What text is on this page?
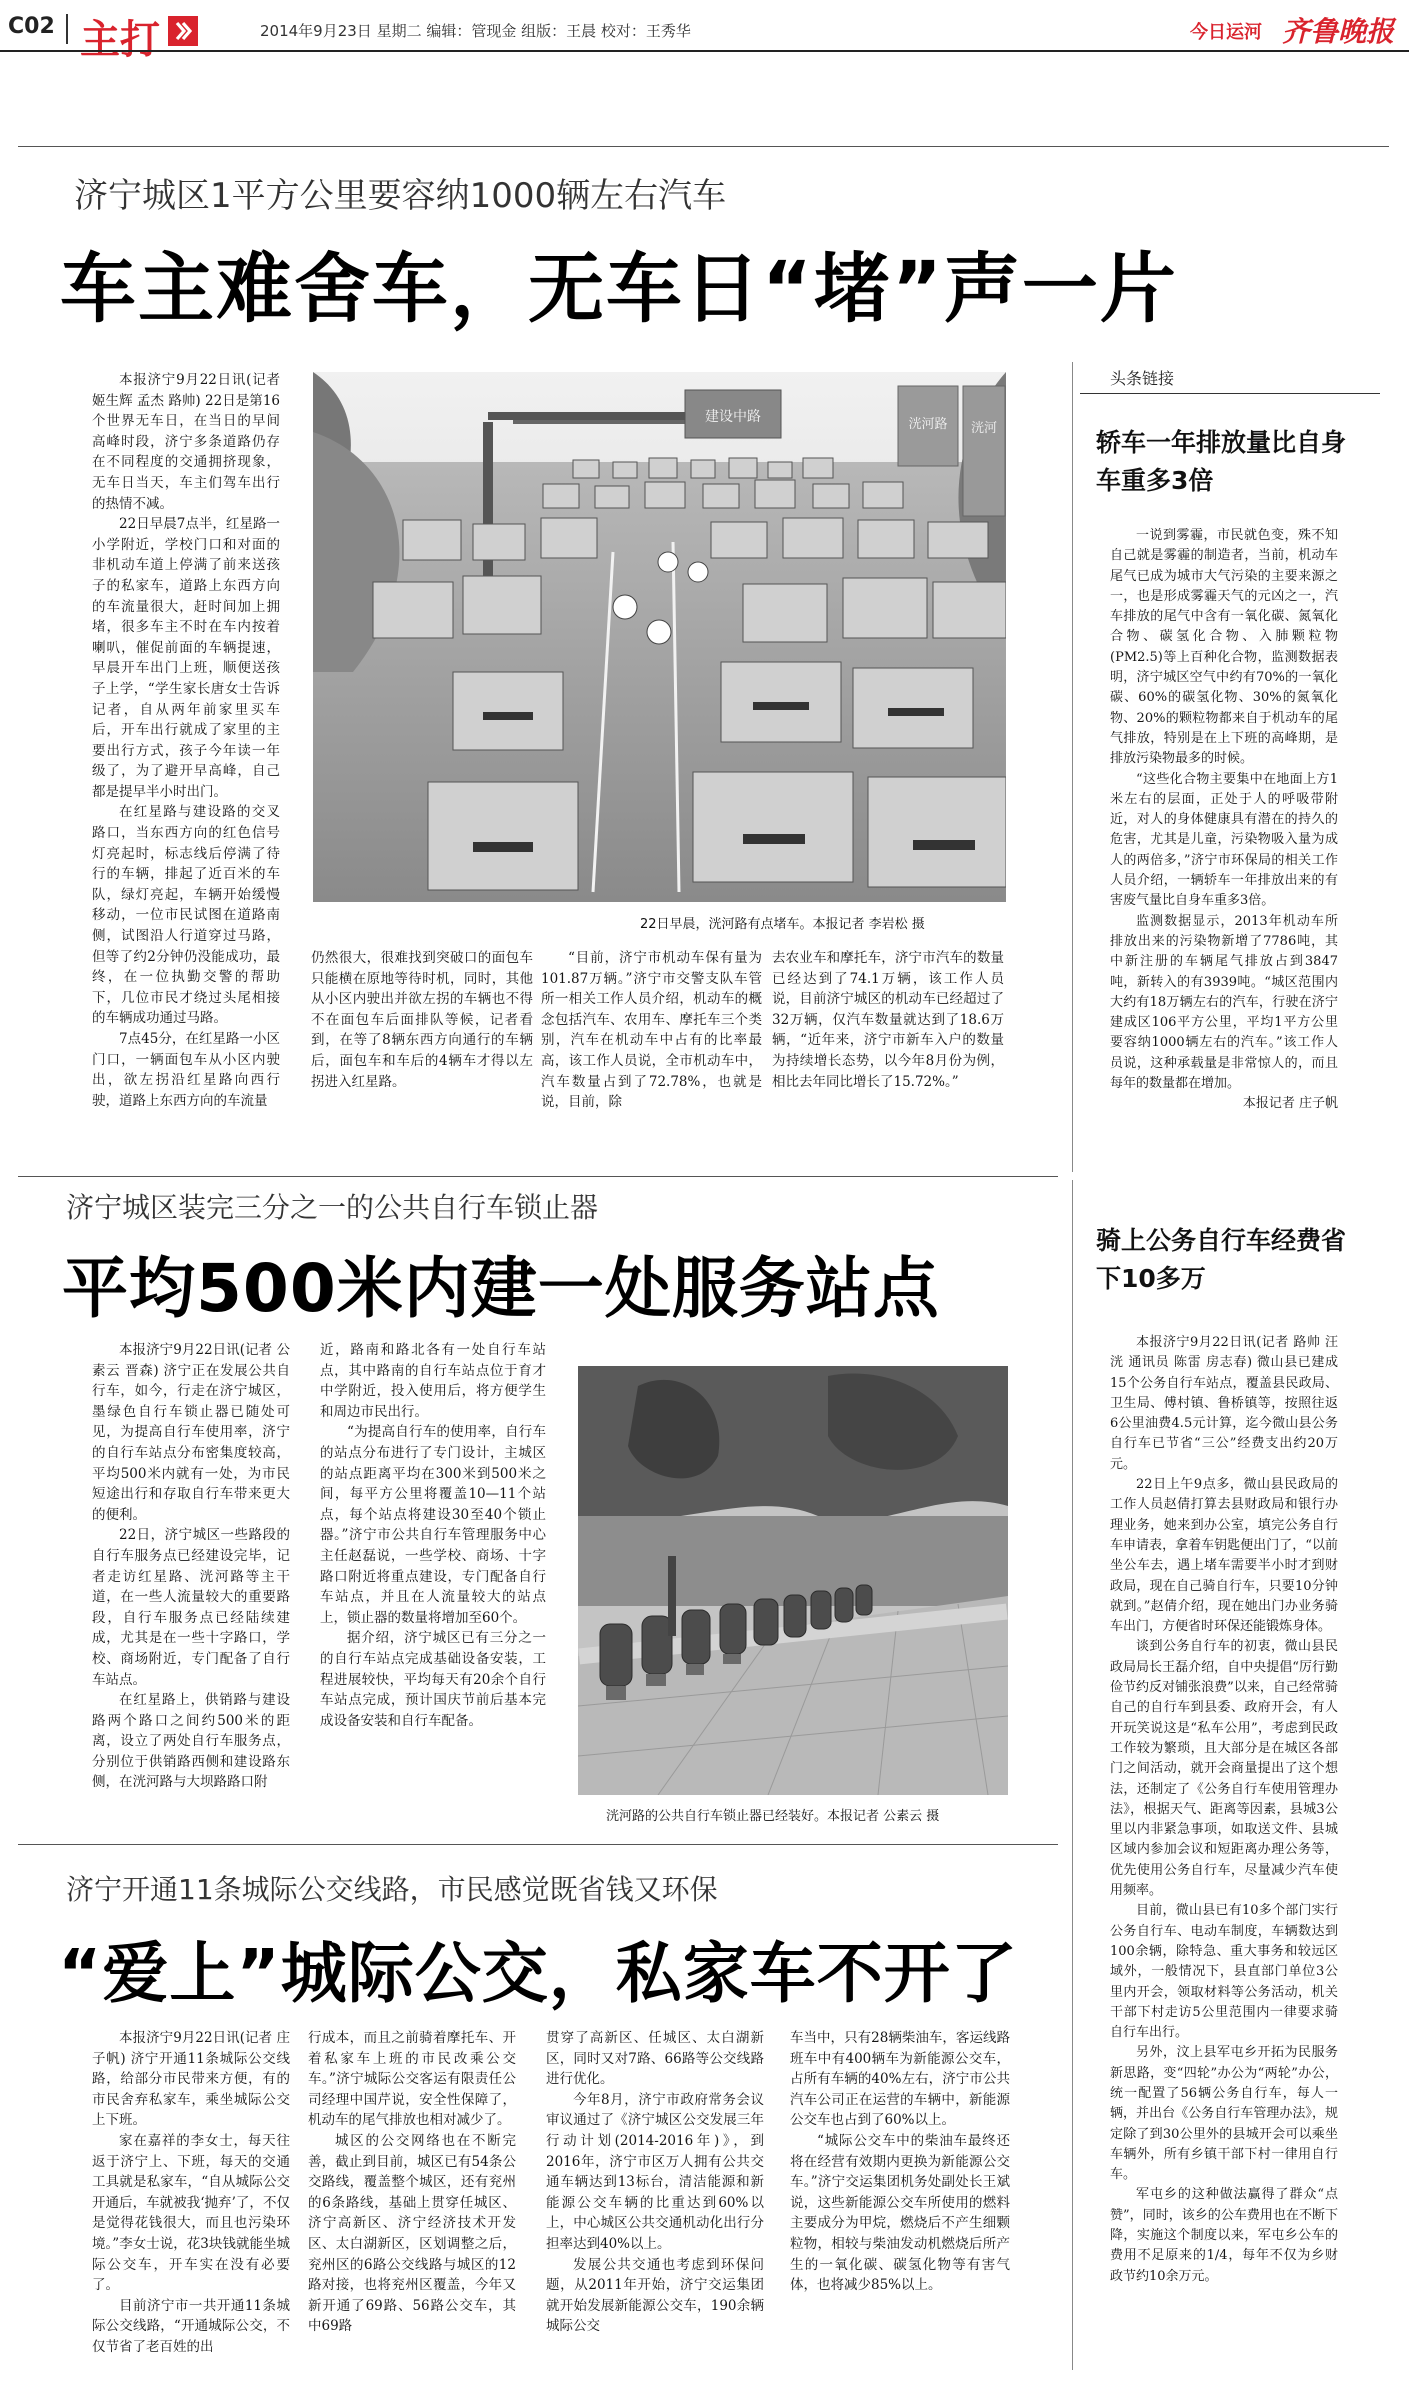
C02 主打	2014年9月23日 星期二 编辑：管现金 组版：王晨 校对：王秀华	今日运河 齐鲁晚报
济宁城区1平方公里要容纳1000辆左右汽车
车主难舍车，无车日“堵”声一片

本报济宁9月22日讯(记者 姬生辉 孟杰 路帅) 22日是第16个世界无车日，在当日的早间高峰时段，济宁多条道路仍存在不同程度的交通拥挤现象，无车日当天，车主们驾车出行的热情不减。

22日早晨7点半，红星路一小学附近，学校门口和对面的非机动车道上停满了前来送孩子的私家车，道路上东西方向的车流量很大，赶时间加上拥堵，很多车主不时在车内按着喇叭，催促前面的车辆提速，早晨开车出门上班，顺便送孩子上学，“学生家长唐女士告诉记者，自从两年前家里买车后，开车出行就成了家里的主要出行方式，孩子今年读一年级了，为了避开早高峰，自己都是提早半小时出门。

在红星路与建设路的交叉路口，当东西方向的红色信号灯亮起时，标志线后停满了待行的车辆，排起了近百米的车队，绿灯亮起，车辆开始缓慢移动，一位市民试图在道路南侧，试图沿人行道穿过马路，但等了约2分钟仍没能成功，最终，在一位执勤交警的帮助下，几位市民才绕过头尾相接的车辆成功通过马路。

7点45分，在红星路一小区门口，一辆面包车从小区内驶出，欲左拐沿红星路向西行驶，道路上东西方向的车流量

建设中路	洸河路 洸河
22日早晨，洸河路有点堵车。本报记者 李岩松 摄

仍然很大，很难找到突破口的面包车只能横在原地等待时机，同时，其他从小区内驶出并欲左拐的车辆也不得不在面包车后面排队等候，记者看到，在等了8辆东西方向通行的车辆后，面包车和车后的4辆车才得以左拐进入红星路。

“目前，济宁市机动车保有量为101.87万辆。”济宁市交警支队车管所一相关工作人员介绍，机动车的概念包括汽车、农用车、摩托车三个类别，汽车在机动车中占有的比率最高，该工作人员说，全市机动车中，汽车数量占到了72.78%，也就是说，目前，除

去农业车和摩托车，济宁市汽车的数量已经达到了74.1万辆，该工作人员说，目前济宁城区的机动车已经超过了32万辆，仅汽车数量就达到了18.6万辆，“近年来，济宁市新车入户的数量为持续增长态势，以今年8月份为例，相比去年同比增长了15.72%。”

头条链接
轿车一年排放量比自身车重多3倍

一说到雾霾，市民就色变，殊不知自己就是雾霾的制造者，当前，机动车尾气已成为城市大气污染的主要来源之一，也是形成雾霾天气的元凶之一，汽车排放的尾气中含有一氧化碳、氮氧化合物、碳氢化合物、入肺颗粒物(PM2.5)等上百种化合物，监测数据表明，济宁城区空气中约有70%的一氧化碳、60%的碳氢化物、30%的氮氧化物、20%的颗粒物都来自于机动车的尾气排放，特别是在上下班的高峰期，是排放污染物最多的时候。

“这些化合物主要集中在地面上方1米左右的层面，正处于人的呼吸带附近，对人的身体健康具有潜在的持久的危害，尤其是儿童，污染物吸入量为成人的两倍多，”济宁市环保局的相关工作人员介绍，一辆轿车一年排放出来的有害废气量比自身车重多3倍。

监测数据显示，2013年机动车所排放出来的污染物新增了7786吨，其中新注册的车辆尾气排放占到3847吨，新转入的有3939吨。“城区范围内大约有18万辆左右的汽车，行驶在济宁建成区106平方公里，平均1平方公里要容纳1000辆左右的汽车。”该工作人员说，这种承载量是非常惊人的，而且每年的数量都在增加。

本报记者 庄子帆

济宁城区装完三分之一的公共自行车锁止器
平均500米内建一处服务站点

本报济宁9月22日讯(记者 公素云 晋森) 济宁正在发展公共自行车，如今，行走在济宁城区，墨绿色自行车锁止器已随处可见，为提高自行车使用率，济宁的自行车站点分布密集度较高，平均500米内就有一处，为市民短途出行和存取自行车带来更大的便利。

22日，济宁城区一些路段的自行车服务点已经建设完毕，记者走访红星路、洸河路等主干道，在一些人流量较大的重要路段，自行车服务点已经陆续建成，尤其是在一些十字路口，学校、商场附近，专门配备了自行车站点。

在红星路上，供销路与建设路两个路口之间约500米的距离，设立了两处自行车服务点，分别位于供销路西侧和建设路东侧，在洸河路与大坝路路口附

近，路南和路北各有一处自行车站点，其中路南的自行车站点位于育才中学附近，投入使用后，将方便学生和周边市民出行。

“为提高自行车的使用率，自行车的站点分布进行了专门设计，主城区的站点距离平均在300米到500米之间，每平方公里将覆盖10—11个站点，每个站点将建设30至40个锁止器。”济宁市公共自行车管理服务中心主任赵磊说，一些学校、商场、十字路口附近将重点建设，专门配备自行车站点，并且在人流量较大的站点上，锁止器的数量将增加至60个。

据介绍，济宁城区已有三分之一的自行车站点完成基础设备安装，工程进展较快，平均每天有20余个自行车站点完成，预计国庆节前后基本完成设备安装和自行车配备。

洸河路的公共自行车锁止器已经装好。本报记者 公素云 摄
骑上公务自行车经费省下10多万

本报济宁9月22日讯(记者 路帅 汪洸 通讯员 陈雷 房志春) 微山县已建成15个公务自行车站点，覆盖县民政局、卫生局、傅村镇、鲁桥镇等，按照往返6公里油费4.5元计算，迄今微山县公务自行车已节省“三公”经费支出约20万元。

22日上午9点多，微山县民政局的工作人员赵倩打算去县财政局和银行办理业务，她来到办公室，填完公务自行车申请表，拿着车钥匙便出门了，“以前坐公车去，遇上堵车需要半小时才到财政局，现在自己骑自行车，只要10分钟就到。”赵倩介绍，现在她出门办业务骑车出门，方便省时环保还能锻炼身体。

谈到公务自行车的初衷，微山县民政局局长王磊介绍，自中央提倡“厉行勤俭节约反对铺张浪费”以来，自己经常骑自己的自行车到县委、政府开会，有人开玩笑说这是“私车公用”，考虑到民政工作较为繁琐，且大部分是在城区各部门之间活动，就开会商量提出了这个想法，还制定了《公务自行车使用管理办法》，根据天气、距离等因素，县城3公里以内非紧急事项，如取送文件、县城区域内参加会议和短距离办理公务等，优先使用公务自行车，尽量减少汽车使用频率。

目前，微山县已有10多个部门实行公务自行车、电动车制度，车辆数达到100余辆，除特急、重大事务和较远区域外，一般情况下，县直部门单位3公里内开会，领取材料等公务活动，机关干部下村走访5公里范围内一律要求骑自行车出行。

另外，汶上县军屯乡开拓为民服务新思路，变“四轮”办公为“两轮”办公，统一配置了56辆公务自行车，每人一辆，并出台《公务自行车管理办法》，规定除了到30公里外的县城开会可以乘坐车辆外，所有乡镇干部下村一律用自行车。

军屯乡的这种做法赢得了群众“点赞”，同时，该乡的公车费用也在不断下降，实施这个制度以来，军屯乡公车的费用不足原来的1/4，每年不仅为乡财政节约10余万元。

济宁开通11条城际公交线路，市民感觉既省钱又环保
“爱上”城际公交，私家车不开了

本报济宁9月22日讯(记者 庄子帆) 济宁开通11条城际公交线路，给部分市民带来方便，有的市民舍弃私家车，乘坐城际公交上下班。

家在嘉祥的李女士，每天往返于济宁上、下班，每天的交通工具就是私家车，“自从城际公交开通后，车就被我‘抛弃’了，不仅是觉得花钱很大，而且也污染环境。”李女士说，花3块钱就能坐城际公交车，开车实在没有必要了。

目前济宁市一共开通11条城际公交线路，“开通城际公交，不仅节省了老百姓的出

行成本，而且之前骑着摩托车、开着私家车上班的市民改乘公交车。”济宁城际公交客运有限责任公司经理中国芹说，安全性保障了，机动车的尾气排放也相对减少了。

城区的公交网络也在不断完善，截止到目前，城区已有54条公交路线，覆盖整个城区，还有兖州的6条路线，基础上贯穿任城区、济宁高新区、济宁经济技术开发区、太白湖新区，区划调整之后，兖州区的6路公交线路与城区的12路对接，也将兖州区覆盖，今年又新开通了69路、56路公交车，其中69路

贯穿了高新区、任城区、太白湖新区，同时又对7路、66路等公交线路进行优化。

今年8月，济宁市政府常务会议审议通过了《济宁城区公交发展三年行动计划(2014-2016年)》，到2016年，济宁市区万人拥有公共交通车辆达到13标台，清洁能源和新能源公交车辆的比重达到60%以上，中心城区公共交通机动化出行分担率达到40%以上。

发展公共交通也考虑到环保问题，从2011年开始，济宁交运集团就开始发展新能源公交车，190余辆城际公交

车当中，只有28辆柴油车，客运线路班车中有400辆车为新能源公交车，占所有车辆的40%左右，济宁市公共汽车公司正在运营的车辆中，新能源公交车也占到了60%以上。

“城际公交车中的柴油车最终还将在经营有效期内更换为新能源公交车。”济宁交运集团机务处副处长王斌说，这些新能源公交车所使用的燃料主要成分为甲烷，燃烧后不产生细颗粒物，相较与柴油发动机燃烧后所产生的一氧化碳、碳氢化物等有害气体，也将减少85%以上。
